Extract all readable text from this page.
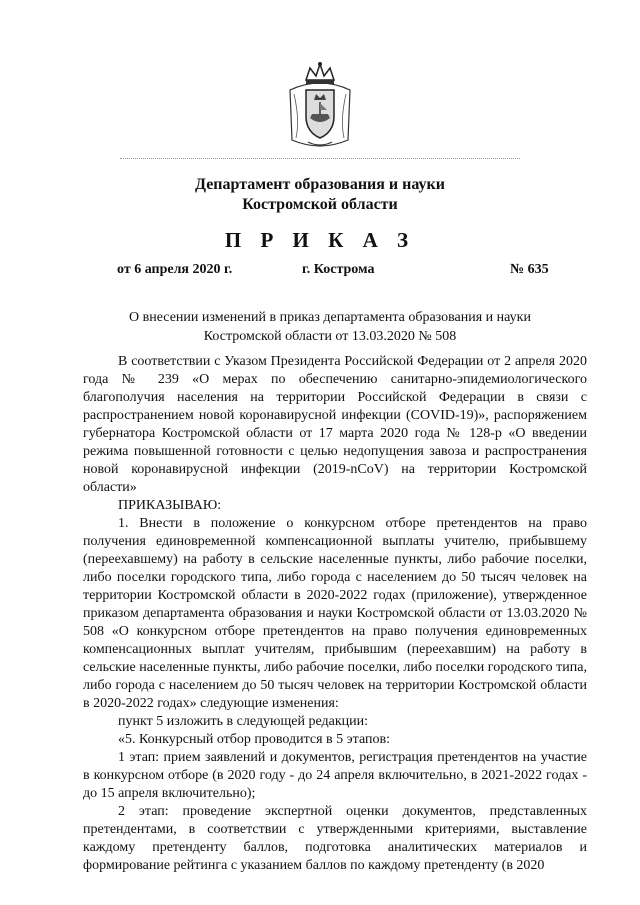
Департамент образования и науки
Костромской области
П Р И К А З
от 6 апреля 2020 г.	г. Кострома	№ 635
О внесении изменений в приказ департамента образования и науки
Костромской области от 13.03.2020 № 508

В соответствии с Указом Президента Российской Федерации от 2 апреля 2020 года № 239 «О мерах по обеспечению санитарно-эпидемиологического благополучия населения на территории Российской Федерации в связи с распространением новой коронавирусной инфекции (COVID-19)», распоряжением губернатора Костромской области от 17 марта 2020 года № 128-р «О введении режима повышенной готовности с целью недопущения завоза и распространения новой коронавирусной инфекции (2019-nCoV) на территории Костромской области»

ПРИКАЗЫВАЮ:

1. Внести в положение о конкурсном отборе претендентов на право получения единовременной компенсационной выплаты учителю, прибывшему (переехавшему) на работу в сельские населенные пункты, либо рабочие поселки, либо поселки городского типа, либо города с населением до 50 тысяч человек на территории Костромской области в 2020-2022 годах (приложение), утвержденное приказом департамента образования и науки Костромской области от 13.03.2020 № 508 «О конкурсном отборе претендентов на право получения единовременных компенсационных выплат учителям, прибывшим (переехавшим) на работу в сельские населенные пункты, либо рабочие поселки, либо поселки городского типа, либо города с населением до 50 тысяч человек на территории Костромской области в 2020-2022 годах» следующие изменения:

пункт 5 изложить в следующей редакции:

«5. Конкурсный отбор проводится в 5 этапов:

1 этап: прием заявлений и документов, регистрация претендентов на участие в конкурсном отборе (в 2020 году - до 24 апреля включительно, в 2021-2022 годах - до 15 апреля включительно);

2 этап: проведение экспертной оценки документов, представленных претендентами, в соответствии с утвержденными критериями, выставление каждому претенденту баллов, подготовка аналитических материалов и формирование рейтинга с указанием баллов по каждому претенденту (в 2020
